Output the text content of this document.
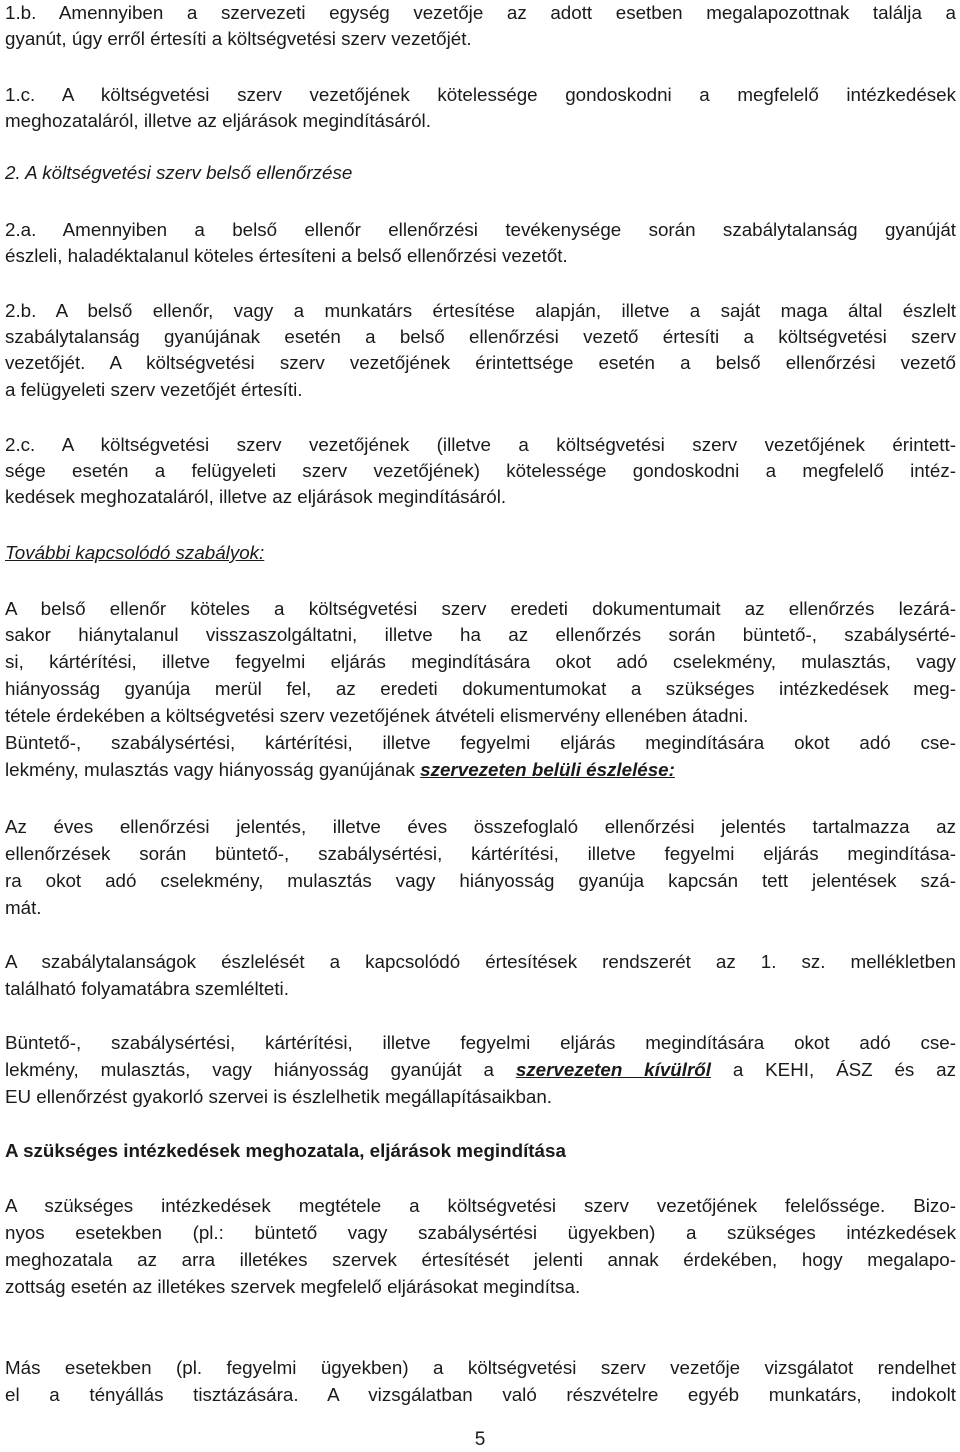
1.b. Amennyiben a szervezeti egység vezetője az adott esetben megalapozottnak találja a
gyanút, úgy erről értesíti a költségvetési szerv vezetőjét.
1.c. A költségvetési szerv vezetőjének kötelessége gondoskodni a megfelelő intézkedések
meghozataláról, illetve az eljárások megindításáról.
2. A költségvetési szerv belső ellenőrzése
2.a. Amennyiben a belső ellenőr ellenőrzési tevékenysége során szabálytalanság gyanúját
észleli, haladéktalanul köteles értesíteni a belső ellenőrzési vezetőt.
2.b. A belső ellenőr, vagy a munkatárs értesítése alapján, illetve a saját maga által észlelt
szabálytalanság gyanújának esetén a belső ellenőrzési vezető értesíti a költségvetési szerv
vezetőjét. A költségvetési szerv vezetőjének érintettsége esetén a belső ellenőrzési vezető
a felügyeleti szerv vezetőjét értesíti.
2.c. A költségvetési szerv vezetőjének (illetve a költségvetési szerv vezetőjének érintett-
sége esetén a felügyeleti szerv vezetőjének) kötelessége gondoskodni a megfelelő intéz-
kedések meghozataláról, illetve az eljárások megindításáról.
További kapcsolódó szabályok:
A belső ellenőr köteles a költségvetési szerv eredeti dokumentumait az ellenőrzés lezárá-
sakor hiánytalanul visszaszolgáltatni, illetve ha az ellenőrzés során büntető-, szabálysérté-
si, kártérítési, illetve fegyelmi eljárás megindítására okot adó cselekmény, mulasztás, vagy
hiányosság gyanúja merül fel, az eredeti dokumentumokat a szükséges intézkedések meg-
tétele érdekében a költségvetési szerv vezetőjének átvételi elismervény ellenében átadni.
Büntető-, szabálysértési, kártérítési, illetve fegyelmi eljárás megindítására okot adó cse-
lekmény, mulasztás vagy hiányosság gyanújának szervezeten belüli észlelése:
Az éves ellenőrzési jelentés, illetve éves összefoglaló ellenőrzési jelentés tartalmazza az
ellenőrzések során büntető-, szabálysértési, kártérítési, illetve fegyelmi eljárás megindítása-
ra okot adó cselekmény, mulasztás vagy hiányosság gyanúja kapcsán tett jelentések szá-
mát.
A szabálytalanságok észlelését a kapcsolódó értesítések rendszerét az 1. sz. mellékletben
található folyamatábra szemlélteti.
Büntető-, szabálysértési, kártérítési, illetve fegyelmi eljárás megindítására okot adó cse-
lekmény, mulasztás, vagy hiányosság gyanúját a szervezeten kívülről a KEHI, ÁSZ és az
EU ellenőrzést gyakorló szervei is észlelhetik megállapításaikban.
A szükséges intézkedések meghozatala, eljárások megindítása
A szükséges intézkedések megtétele a költségvetési szerv vezetőjének felelőssége. Bizo-
nyos esetekben (pl.: büntető vagy szabálysértési ügyekben) a szükséges intézkedések
meghozatala az arra illetékes szervek értesítését jelenti annak érdekében, hogy megalapo-
zottság esetén az illetékes szervek megfelelő eljárásokat megindítsa.
Más esetekben (pl. fegyelmi ügyekben) a költségvetési szerv vezetője vizsgálatot rendelhet
el a tényállás tisztázására. A vizsgálatban való részvételre egyéb munkatárs, indokolt
5
